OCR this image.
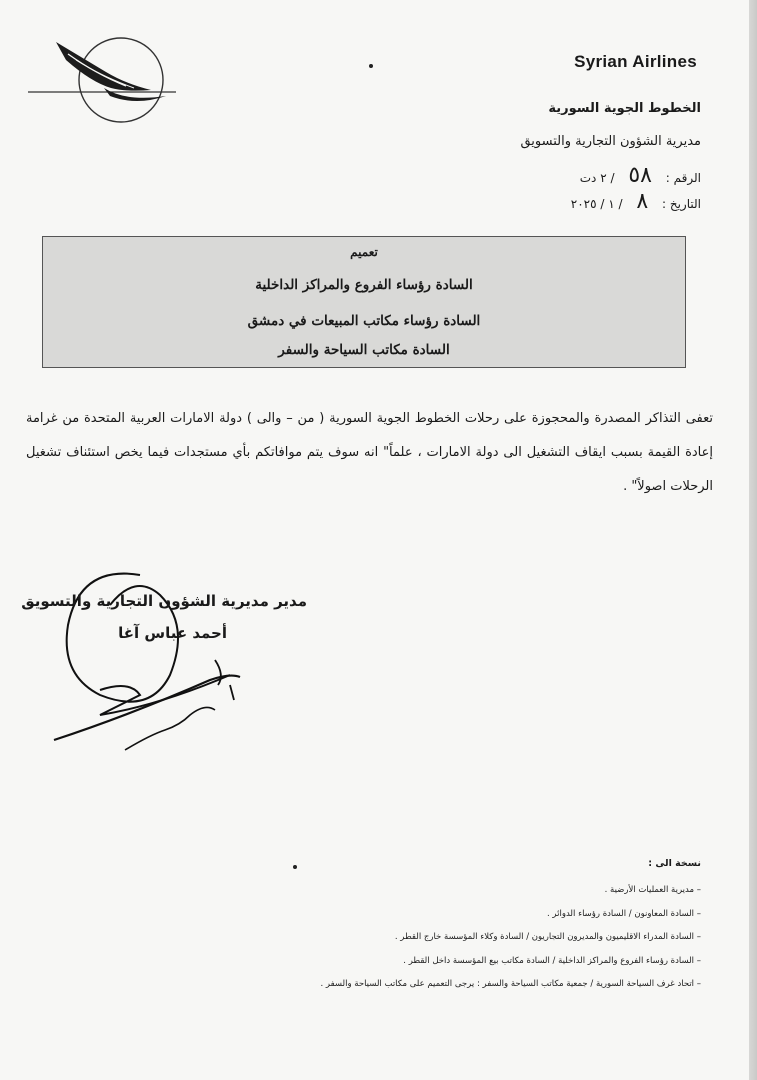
Syrian Airlines
الخطوط الجوية السورية
مديرية الشؤون التجارية والتسويق
الرقم : ٥٨ / ٢ دت
التاريخ : ٨ / ١ / ٢٠٢٥
تعميم
السادة رؤساء الفروع والمراكز الداخلية
السادة رؤساء مكاتب المبيعات في دمشق
السادة مكاتب السياحة والسفر
تعفى التذاكر المصدرة والمحجوزة على رحلات الخطوط الجوية السورية ( من – والى ) دولة الامارات العربية المتحدة من غرامة إعادة القيمة بسبب ايقاف التشغيل الى دولة الامارات ، علماً" انه سوف يتم موافاتكم بأي مستجدات فيما يخص استئناف تشغيل الرحلات اصولاً" .
مدير مديرية الشؤون التجارية والتسويق
أحمد عباس آغا
نسخة الى :
– مديرية العمليات الأرضية .
– السادة المعاونون / السادة رؤساء الدوائر .
– السادة المدراء الاقليميون والمديرون التجاريون / السادة وكلاء المؤسسة خارج القطر .
– السادة رؤساء الفروع والمراكز الداخلية / السادة مكاتب بيع المؤسسة داخل القطر .
– اتحاد غرف السياحة السورية / جمعية مكاتب السياحة والسفر : يرجى التعميم على مكاتب السياحة والسفر .
